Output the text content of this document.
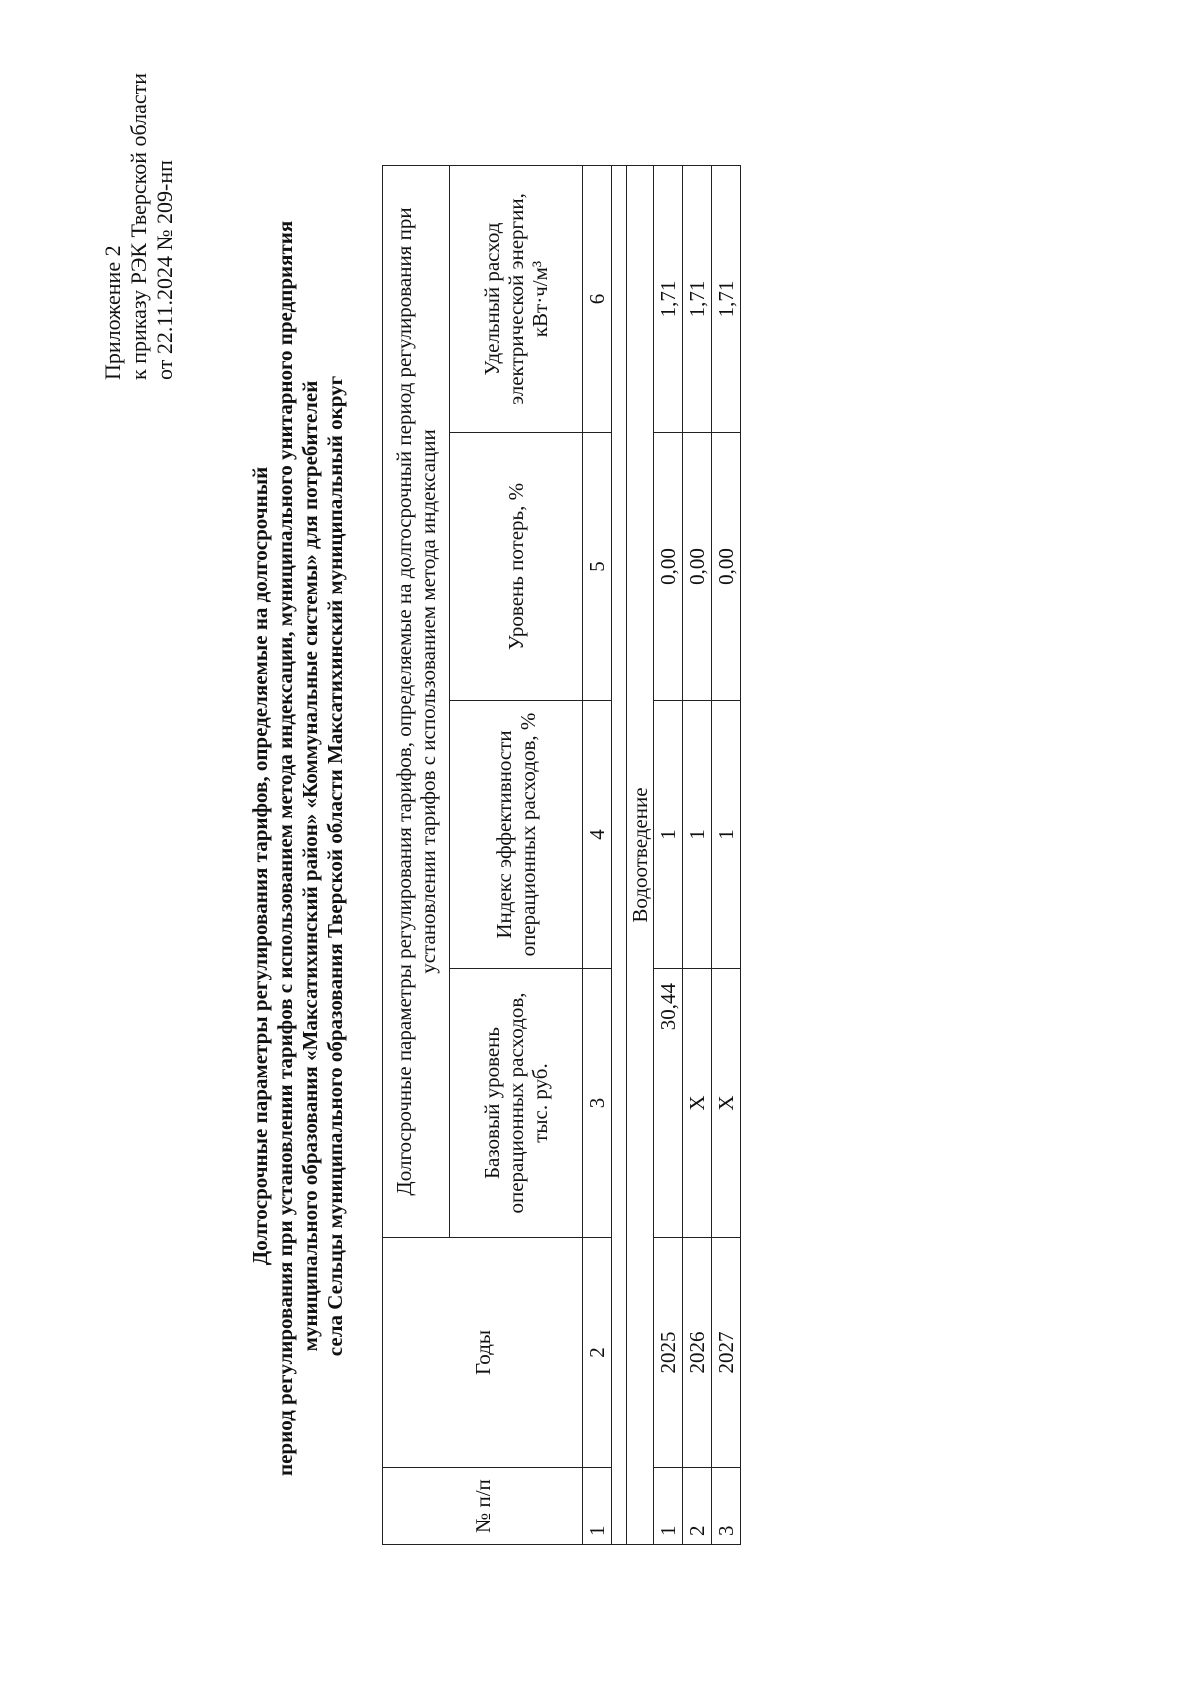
Приложение 2 к приказу РЭК Тверской области от 22.11.2024 № 209-нп
Долгосрочные параметры регулирования тарифов, определяемые на долгосрочный период регулирования при установлении тарифов с использованием метода индексации, муниципального унитарного предприятия муниципального образования «Максатихинский район» «Коммунальные системы» для потребителей села Сельцы муниципального образования Тверской области Максатихинский муниципальный округ
№ п/п	Годы	Долгосрочные параметры регулирования тарифов, определяемые на долгосрочный период регулирования при установлении тарифов с использованием метода индексации			
		Базовый уровень операционных расходов, тыс. руб.	Индекс эффективности операционных расходов, %	Уровень потерь, %	Удельный расход электрической энергии, кВт·ч/м³
1	2	3	4	5	6

Водоотведение					
1	2025	30,44	1	0,00	1,71
2	2026	X	1	0,00	1,71
3	2027	X	1	0,00	1,71
